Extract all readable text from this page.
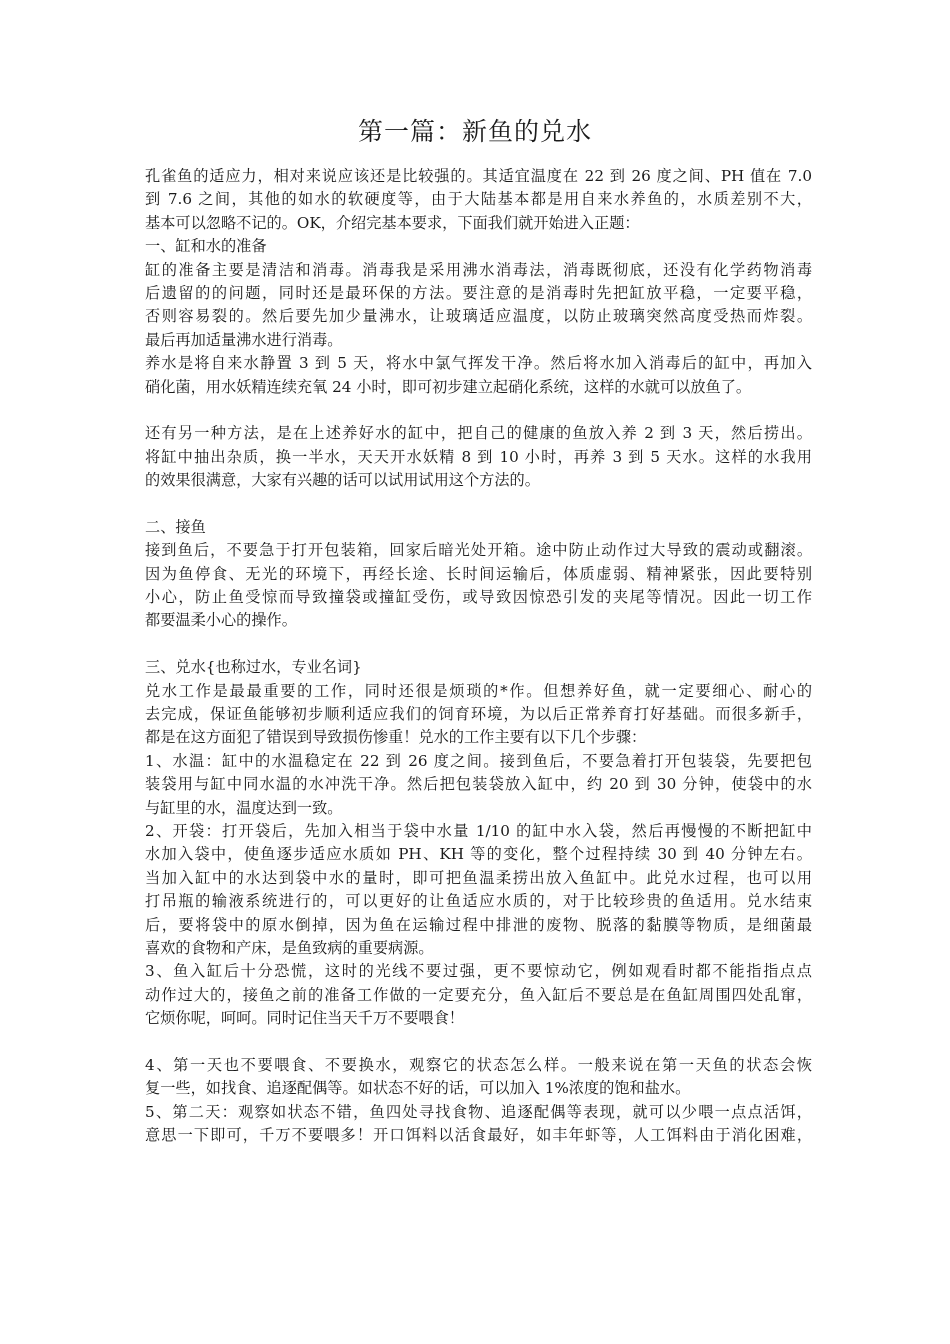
第一篇：新鱼的兑水
孔雀鱼的适应力，相对来说应该还是比较强的。其适宜温度在 22 到 26 度之间、PH 值在 7.0
到 7.6 之间，其他的如水的软硬度等，由于大陆基本都是用自来水养鱼的，水质差别不大，
基本可以忽略不记的。OK，介绍完基本要求，下面我们就开始进入正题：
一、缸和水的准备
缸的准备主要是清洁和消毒。消毒我是采用沸水消毒法，消毒既彻底，还没有化学药物消毒
后遗留的的问题，同时还是最环保的方法。要注意的是消毒时先把缸放平稳，一定要平稳，
否则容易裂的。然后要先加少量沸水，让玻璃适应温度，以防止玻璃突然高度受热而炸裂。
最后再加适量沸水进行消毒。
养水是将自来水静置 3 到 5 天，将水中氯气挥发干净。然后将水加入消毒后的缸中，再加入
硝化菌，用水妖精连续充氧 24 小时，即可初步建立起硝化系统，这样的水就可以放鱼了。
还有另一种方法，是在上述养好水的缸中，把自己的健康的鱼放入养 2 到 3 天，然后捞出。
将缸中抽出杂质，换一半水，天天开水妖精 8 到 10 小时，再养 3 到 5 天水。这样的水我用
的效果很满意，大家有兴趣的话可以试用试用这个方法的。
二、接鱼
接到鱼后，不要急于打开包装箱，回家后暗光处开箱。途中防止动作过大导致的震动或翻滚。
因为鱼停食、无光的环境下，再经长途、长时间运输后，体质虚弱、精神紧张，因此要特别
小心，防止鱼受惊而导致撞袋或撞缸受伤，或导致因惊恐引发的夹尾等情况。因此一切工作
都要温柔小心的操作。
三、兑水{也称过水，专业名词}
兑水工作是最最重要的工作，同时还很是烦琐的*作。但想养好鱼，就一定要细心、耐心的
去完成，保证鱼能够初步顺利适应我们的饲育环境，为以后正常养育打好基础。而很多新手，
都是在这方面犯了错误到导致损伤惨重！兑水的工作主要有以下几个步骤：
1、水温：缸中的水温稳定在 22 到 26 度之间。接到鱼后，不要急着打开包装袋，先要把包
装袋用与缸中同水温的水冲洗干净。然后把包装袋放入缸中，约 20 到 30 分钟，使袋中的水
与缸里的水，温度达到一致。
2、开袋：打开袋后，先加入相当于袋中水量 1/10 的缸中水入袋，然后再慢慢的不断把缸中
水加入袋中，使鱼逐步适应水质如 PH、KH 等的变化，整个过程持续 30 到 40 分钟左右。
当加入缸中的水达到袋中水的量时，即可把鱼温柔捞出放入鱼缸中。此兑水过程，也可以用
打吊瓶的输液系统进行的，可以更好的让鱼适应水质的，对于比较珍贵的鱼适用。兑水结束
后，要将袋中的原水倒掉，因为鱼在运输过程中排泄的废物、脱落的黏膜等物质，是细菌最
喜欢的食物和产床，是鱼致病的重要病源。
3、鱼入缸后十分恐慌，这时的光线不要过强，更不要惊动它，例如观看时都不能指指点点
动作过大的，接鱼之前的准备工作做的一定要充分，鱼入缸后不要总是在鱼缸周围四处乱窜，
它烦你呢，呵呵。同时记住当天千万不要喂食！
4、第一天也不要喂食、不要换水，观察它的状态怎么样。一般来说在第一天鱼的状态会恢
复一些，如找食、追逐配偶等。如状态不好的话，可以加入 1%浓度的饱和盐水。
5、第二天：观察如状态不错，鱼四处寻找食物、追逐配偶等表现，就可以少喂一点点活饵，
意思一下即可，千万不要喂多！开口饵料以活食最好，如丰年虾等，人工饵料由于消化困难，
